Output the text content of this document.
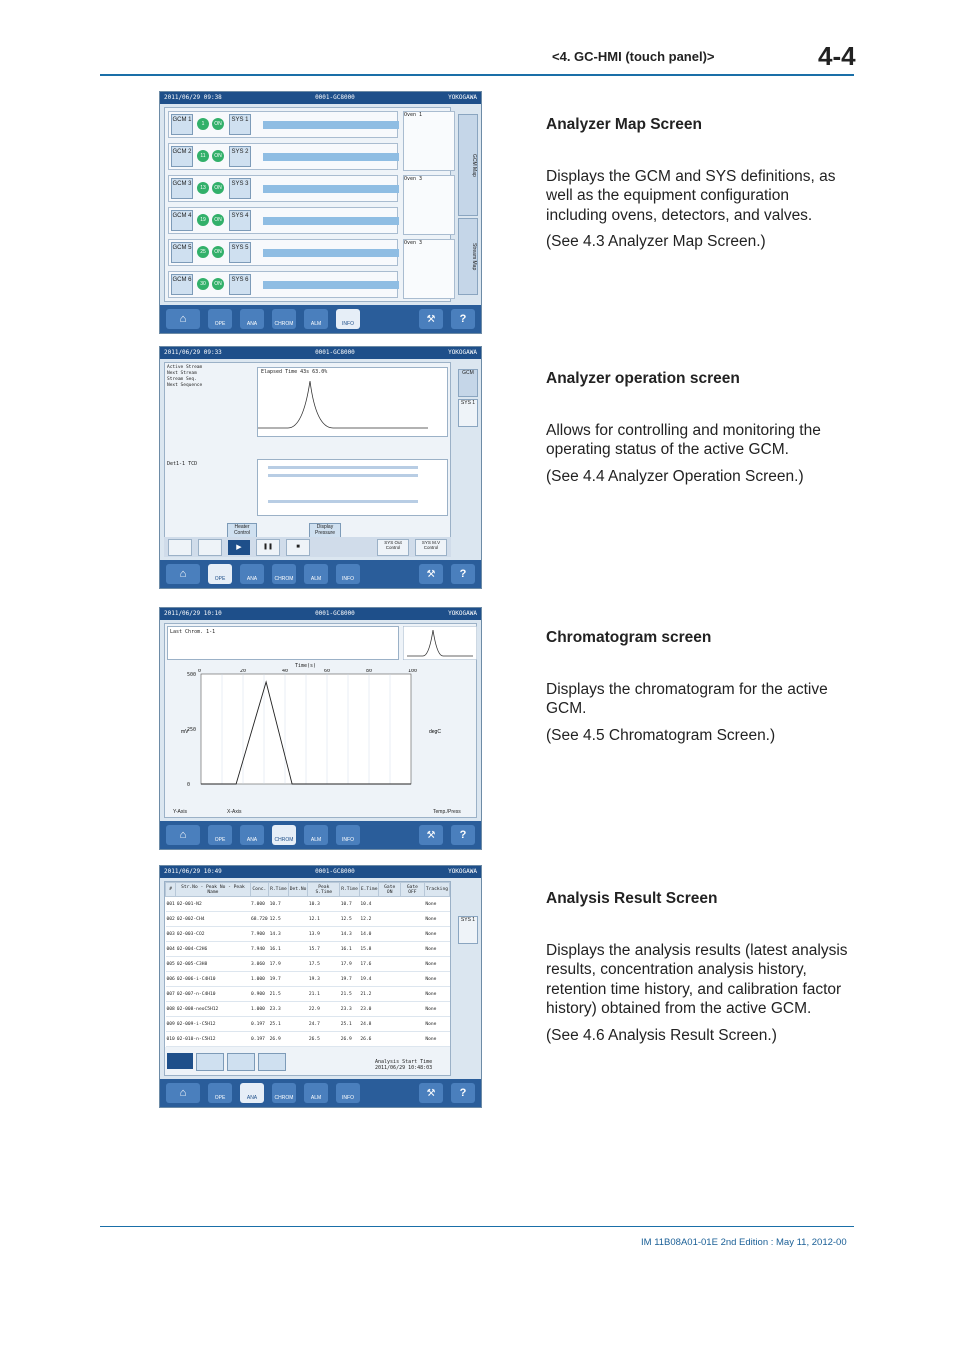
<4. GC-HMI (touch panel)>	4-4
IM 11B08A01-01E 2nd Edition : May 11, 2012-00
2011/06/29 09:38	0001-GC8000	YOKOGAWA
GCM 1
1	ON
SYS 1
GCM 2
11	ON
SYS 2
GCM 3
13	ON
SYS 3
GCM 4
19	ON
SYS 4
GCM 5
25	ON
SYS 5
GCM 6
30	ON
SYS 6
Oven 1
Oven 3
Oven 3
GCM Map
Stream Map
⌂	OPE	ANA	CHROM	ALM	INFO	⚒	?
Analyzer Map Screen

Displays the GCM and SYS definitions, as well as the equipment configuration including ovens, detectors, and valves.

(See 4.3 Analyzer Map Screen.)

2011/06/29 09:33	0001-GC8000	YOKOGAWA
Active Stream
Next Stream
Stream Seq.
Next Sequence
Elapsed Time 43s 63.0%
Det1-1 TCD
Heater Control
Display Pressure
▶	❚❚	■
SYS Out Control
SYS M.V Control
GCM
SYS 1
⌂	OPE	ANA	CHROM	ALM	INFO	⚒	?
Analyzer operation screen

Allows for controlling and monitoring the operating status of the active GCM.

(See 4.4 Analyzer Operation Screen.)

2011/06/29 10:10	0001-GC8000	YOKOGAWA
Last Chrom. 1-1
Time(s)
0	20	40	60	80	100
500
250
0
mV	degC
Y-Axis	X-Axis	Temp./Press
⌂	OPE	ANA	CHROM	ALM	INFO	⚒	?
Chromatogram screen

Displays the chromatogram for the active GCM.

(See 4.5 Chromatogram Screen.)

2011/06/29 10:49	0001-GC8000	YOKOGAWA
#	Str.No - Peak No - Peak Name	Conc.	R.Time	Det.No	Peak S.Time	R.Time	E.Time	Gate ON	Gate OFF	Tracking
001	02-001-N2	7.000	10.7		10.3	10.7	10.4			None
002	02-002-CH4	68.720	12.5		12.1	12.5	12.2			None
003	02-003-CO2	7.900	14.3		13.9	14.3	14.0			None
004	02-004-C2H6	7.940	16.1		15.7	16.1	15.8			None
005	02-005-C3H8	3.060	17.9		17.5	17.9	17.6			None
006	02-006-i-C4H10	1.000	19.7		19.3	19.7	19.4			None
007	02-007-n-C4H10	0.900	21.5		21.1	21.5	21.2			None
008	02-008-neoC5H12	1.000	23.3		22.9	23.3	23.0			None
009	02-009-i-C5H12	0.197	25.1		24.7	25.1	24.8			None
010	02-010-n-C5H12	0.197	26.9		26.5	26.9	26.6			None
Analysis Start Time 2011/06/29 10:48:03
SYS 1
⌂	OPE	ANA	CHROM	ALM	INFO	⚒	?
Analysis Result Screen

Displays the analysis results (latest analysis results, concentration analysis history, retention time history, and calibration factor history) obtained from the active GCM.

(See 4.6 Analysis Result Screen.)
